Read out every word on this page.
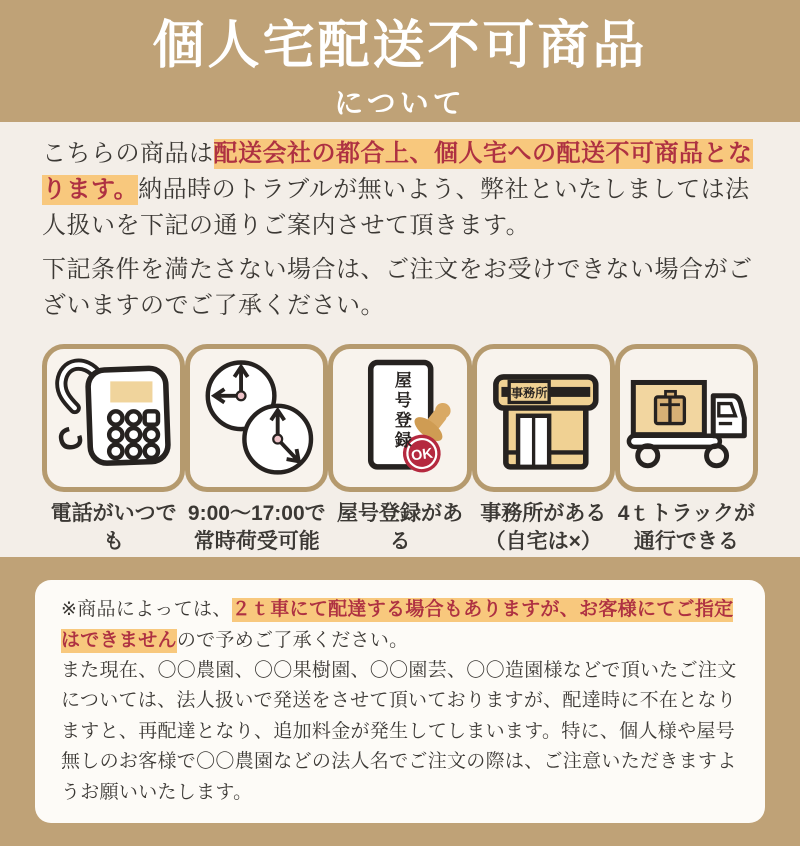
個人宅配送不可商品
について
こちらの商品は配送会社の都合上、個人宅への配送不可商品となります。納品時のトラブルが無いよう、弊社といたしましては法人扱いを下記の通りご案内させて頂きます。
下記条件を満たさない場合は、ご注文をお受けできない場合がございますのでご了承ください。
電話がいつでも
9:00〜17:00で
常時荷受可能
OK
屋号登録
屋号登録がある
事務所
事務所がある
（自宅は×）
4ｔトラックが
通行できる
※商品によっては、２ｔ車にて配達する場合もありますが、お客様にてご指定はできませんので予めご了承ください。
また現在、〇〇農園、〇〇果樹園、〇〇園芸、〇〇造園様などで頂いたご注文については、法人扱いで発送をさせて頂いておりますが、配達時に不在となりますと、再配達となり、追加料金が発生してしまいます。特に、個人様や屋号無しのお客様で〇〇農園などの法人名でご注文の際は、ご注意いただきますようお願いいたします。
